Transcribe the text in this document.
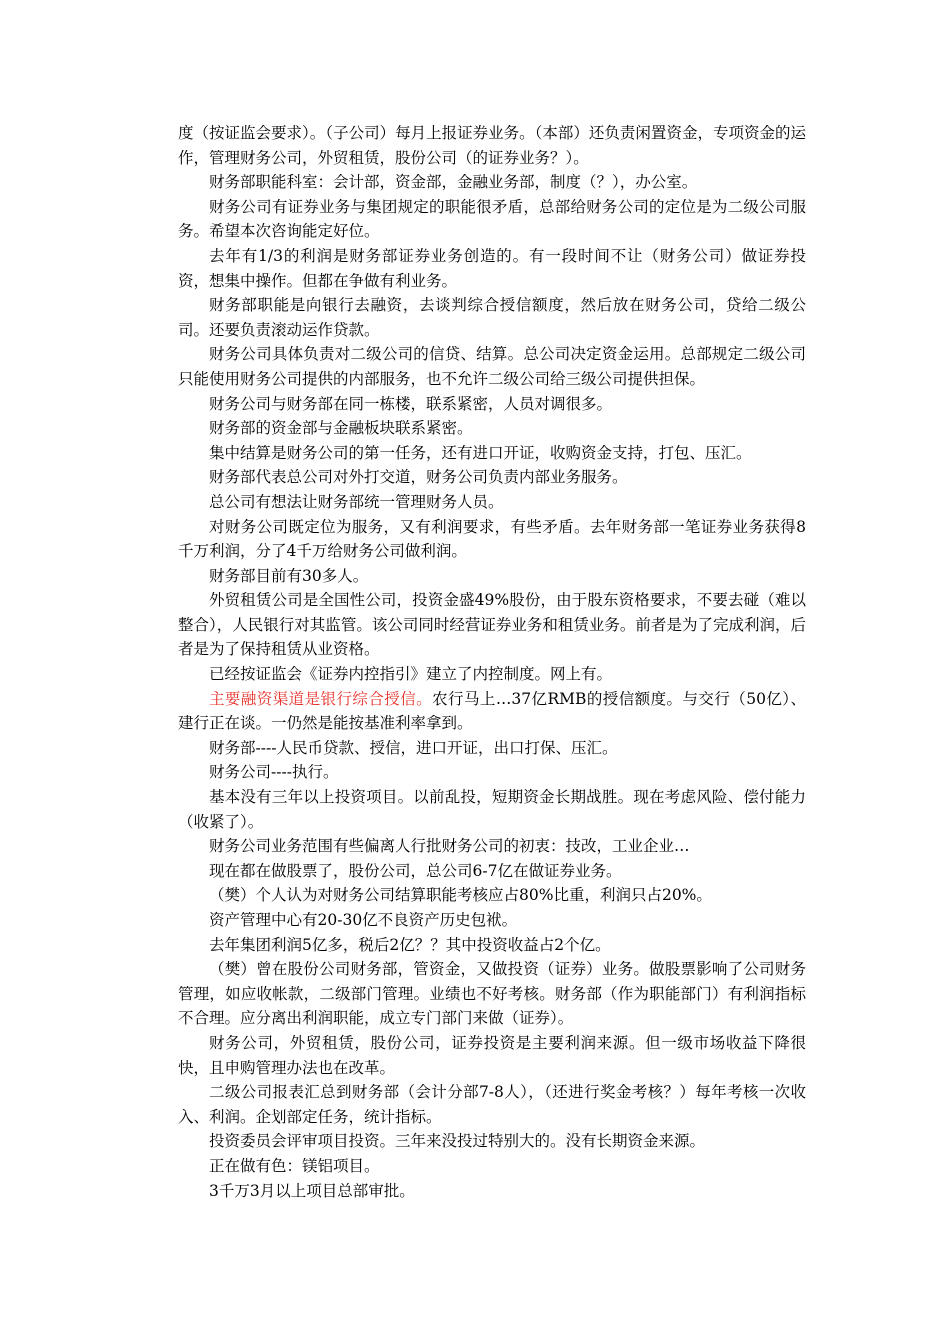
度（按证监会要求）。（子公司）每月上报证券业务。（本部）还负责闲置资金，专项资金的运作，管理财务公司，外贸租赁，股份公司（的证券业务？）。

财务部职能科室：会计部，资金部，金融业务部，制度（？），办公室。

财务公司有证券业务与集团规定的职能很矛盾，总部给财务公司的定位是为二级公司服务。希望本次咨询能定好位。

去年有1/3的利润是财务部证券业务创造的。有一段时间不让（财务公司）做证券投资，想集中操作。但都在争做有利业务。

财务部职能是向银行去融资，去谈判综合授信额度，然后放在财务公司，贷给二级公司。还要负责滚动运作贷款。

财务公司具体负责对二级公司的信贷、结算。总公司决定资金运用。总部规定二级公司只能使用财务公司提供的内部服务，也不允许二级公司给三级公司提供担保。

财务公司与财务部在同一栋楼，联系紧密，人员对调很多。

财务部的资金部与金融板块联系紧密。

集中结算是财务公司的第一任务，还有进口开证，收购资金支持，打包、压汇。

财务部代表总公司对外打交道，财务公司负责内部业务服务。

总公司有想法让财务部统一管理财务人员。

对财务公司既定位为服务，又有利润要求，有些矛盾。去年财务部一笔证券业务获得8千万利润，分了4千万给财务公司做利润。

财务部目前有30多人。

外贸租赁公司是全国性公司，投资金盛49%股份，由于股东资格要求，不要去碰（难以整合），人民银行对其监管。该公司同时经营证券业务和租赁业务。前者是为了完成利润，后者是为了保持租赁从业资格。

已经按证监会《证券内控指引》建立了内控制度。网上有。

主要融资渠道是银行综合授信。农行马上…37亿RMB的授信额度。与交行（50亿）、建行正在谈。一仍然是能按基准利率拿到。

财务部----人民币贷款、授信，进口开证，出口打保、压汇。

财务公司----执行。

基本没有三年以上投资项目。以前乱投，短期资金长期战胜。现在考虑风险、偿付能力（收紧了）。

财务公司业务范围有些偏离人行批财务公司的初衷：技改，工业企业…

现在都在做股票了，股份公司，总公司6-7亿在做证券业务。

（樊）个人认为对财务公司结算职能考核应占80%比重，利润只占20%。

资产管理中心有20-30亿不良资产历史包袱。

去年集团利润5亿多，税后2亿？？其中投资收益占2个亿。

（樊）曾在股份公司财务部，管资金，又做投资（证券）业务。做股票影响了公司财务管理，如应收帐款，二级部门管理。业绩也不好考核。财务部（作为职能部门）有利润指标不合理。应分离出利润职能，成立专门部门来做（证券）。

财务公司，外贸租赁，股份公司，证券投资是主要利润来源。但一级市场收益下降很快，且申购管理办法也在改革。

二级公司报表汇总到财务部（会计分部7-8人），（还进行奖金考核？）每年考核一次收入、利润。企划部定任务，统计指标。

投资委员会评审项目投资。三年来没投过特别大的。没有长期资金来源。

正在做有色：镁铝项目。

3千万3月以上项目总部审批。
